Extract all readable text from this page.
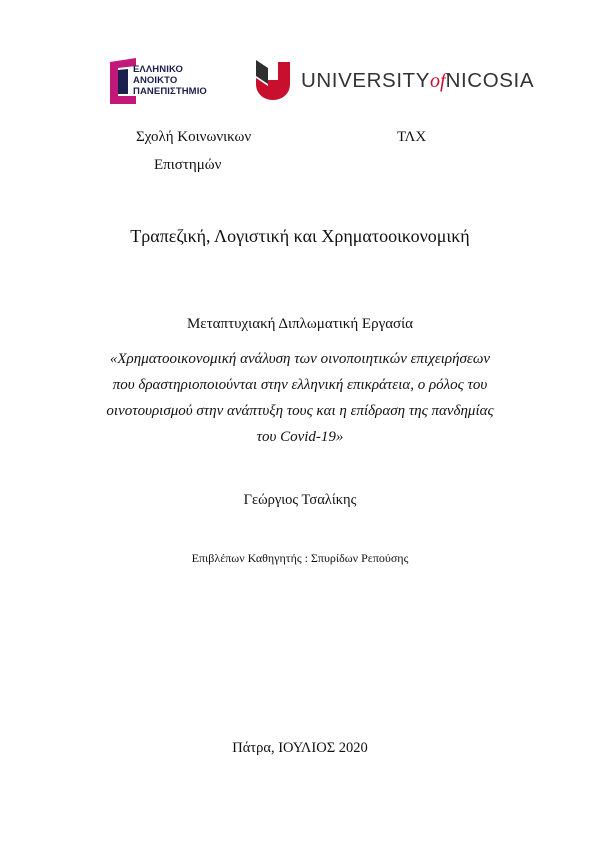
ΕΛΛΗΝΙΚΟ
ΑΝΟΙΚΤΟ
ΠΑΝΕΠΙΣΤΗΜΙΟ	UNIVERSITYofNICOSIA
Σχολή Κοινωνικων
Επιστημών
ΤΛΧ
Τραπεζική, Λογιστική και Χρηματοοικονομική
Μεταπτυχιακή Διπλωματική Εργασία
«Χρηματοοικονομική ανάλυση των οινοποιητικών επιχειρήσεων
που δραστηριοποιούνται στην ελληνική επικράτεια, ο ρόλος του
οινοτουρισμού στην ανάπτυξη τους και η επίδραση της πανδημίας
του Covid-19»
Γεώργιος Τσαλίκης
Επιβλέπων Καθηγητής : Σπυρίδων Ρεπούσης
Πάτρα, ΙΟΥΛΙΟΣ 2020
